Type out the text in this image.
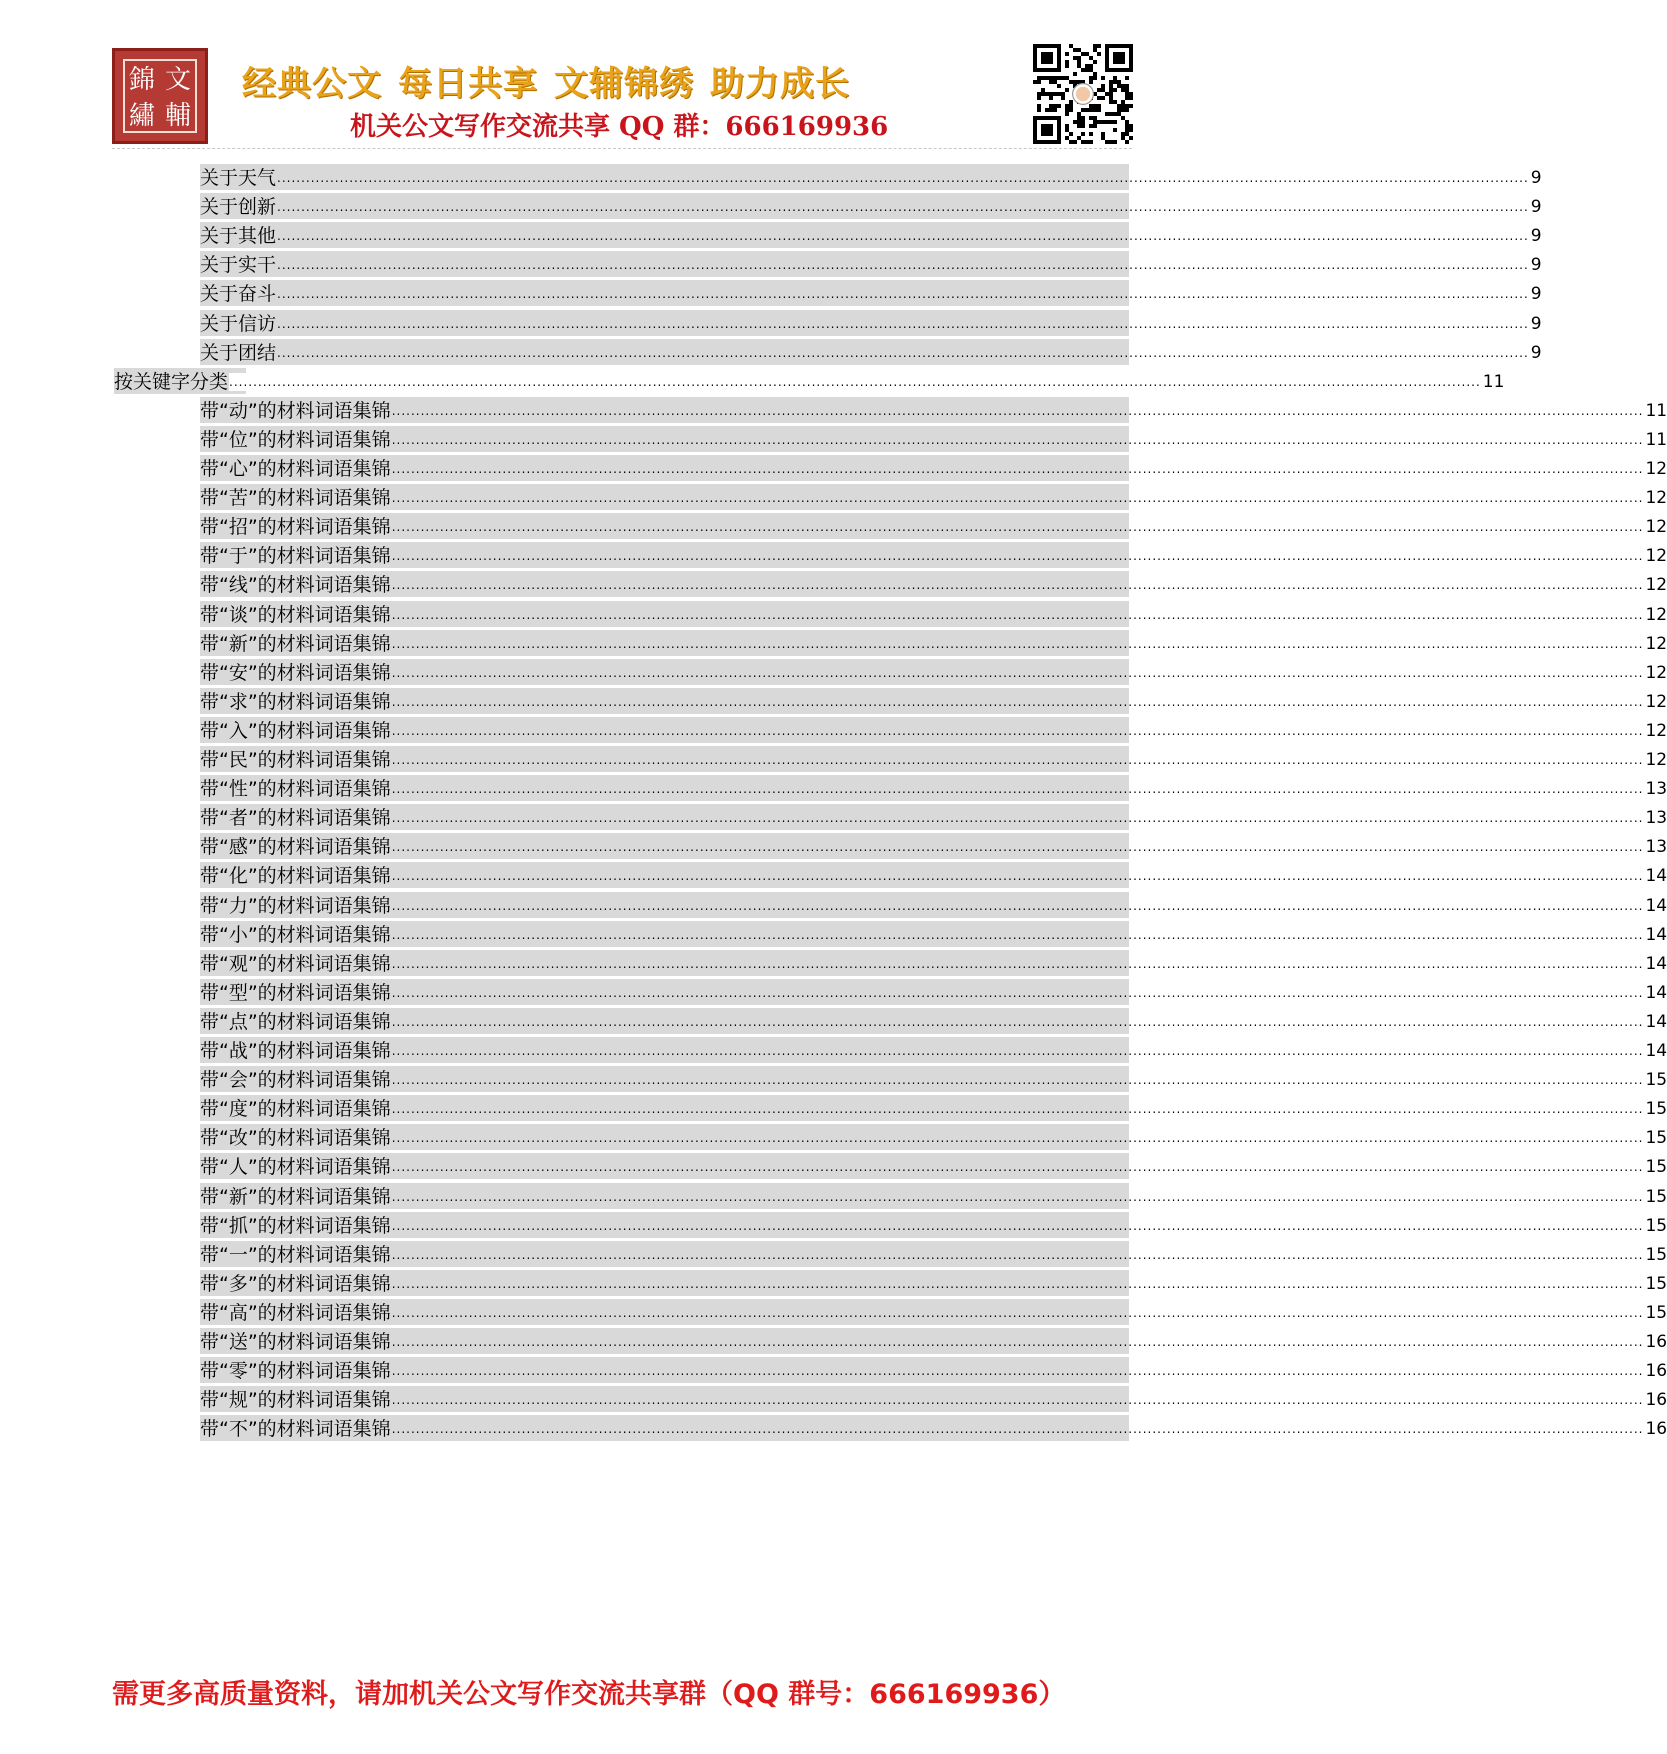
錦 文
輔
繡
经典公文 每日共享 文辅锦绣 助力成长
机关公文写作交流共享 QQ 群：666169936
关于天气 .................................................................................................................................................................................................................................................................... 9
关于创新 .................................................................................................................................................................................................................................................................... 9
关于其他 .................................................................................................................................................................................................................................................................... 9
关于实干 .................................................................................................................................................................................................................................................................... 9
关于奋斗 .................................................................................................................................................................................................................................................................... 9
关于信访 .................................................................................................................................................................................................................................................................... 9
关于团结 .................................................................................................................................................................................................................................................................... 9
按关键字分类 .................................................................................................................................................................................................................................................................... 11
带“动”的材料词语集锦 .................................................................................................................................................................................................................................................................... 11
带“位”的材料词语集锦 .................................................................................................................................................................................................................................................................... 11
带“心”的材料词语集锦 .................................................................................................................................................................................................................................................................... 12
带“苦”的材料词语集锦 .................................................................................................................................................................................................................................................................... 12
带“招”的材料词语集锦 .................................................................................................................................................................................................................................................................... 12
带“于”的材料词语集锦 .................................................................................................................................................................................................................................................................... 12
带“线”的材料词语集锦 .................................................................................................................................................................................................................................................................... 12
带“谈”的材料词语集锦 .................................................................................................................................................................................................................................................................... 12
带“新”的材料词语集锦 .................................................................................................................................................................................................................................................................... 12
带“安”的材料词语集锦 .................................................................................................................................................................................................................................................................... 12
带“求”的材料词语集锦 .................................................................................................................................................................................................................................................................... 12
带“入”的材料词语集锦 .................................................................................................................................................................................................................................................................... 12
带“民”的材料词语集锦 .................................................................................................................................................................................................................................................................... 12
带“性”的材料词语集锦 .................................................................................................................................................................................................................................................................... 13
带“者”的材料词语集锦 .................................................................................................................................................................................................................................................................... 13
带“感”的材料词语集锦 .................................................................................................................................................................................................................................................................... 13
带“化”的材料词语集锦 .................................................................................................................................................................................................................................................................... 14
带“力”的材料词语集锦 .................................................................................................................................................................................................................................................................... 14
带“小”的材料词语集锦 .................................................................................................................................................................................................................................................................... 14
带“观”的材料词语集锦 .................................................................................................................................................................................................................................................................... 14
带“型”的材料词语集锦 .................................................................................................................................................................................................................................................................... 14
带“点”的材料词语集锦 .................................................................................................................................................................................................................................................................... 14
带“战”的材料词语集锦 .................................................................................................................................................................................................................................................................... 14
带“会”的材料词语集锦 .................................................................................................................................................................................................................................................................... 15
带“度”的材料词语集锦 .................................................................................................................................................................................................................................................................... 15
带“改”的材料词语集锦 .................................................................................................................................................................................................................................................................... 15
带“人”的材料词语集锦 .................................................................................................................................................................................................................................................................... 15
带“新”的材料词语集锦 .................................................................................................................................................................................................................................................................... 15
带“抓”的材料词语集锦 .................................................................................................................................................................................................................................................................... 15
带“一”的材料词语集锦 .................................................................................................................................................................................................................................................................... 15
带“多”的材料词语集锦 .................................................................................................................................................................................................................................................................... 15
带“高”的材料词语集锦 .................................................................................................................................................................................................................................................................... 15
带“送”的材料词语集锦 .................................................................................................................................................................................................................................................................... 16
带“零”的材料词语集锦 .................................................................................................................................................................................................................................................................... 16
带“规”的材料词语集锦 .................................................................................................................................................................................................................................................................... 16
带“不”的材料词语集锦 .................................................................................................................................................................................................................................................................... 16
需更多高质量资料，请加机关公文写作交流共享群（QQ 群号：666169936）
